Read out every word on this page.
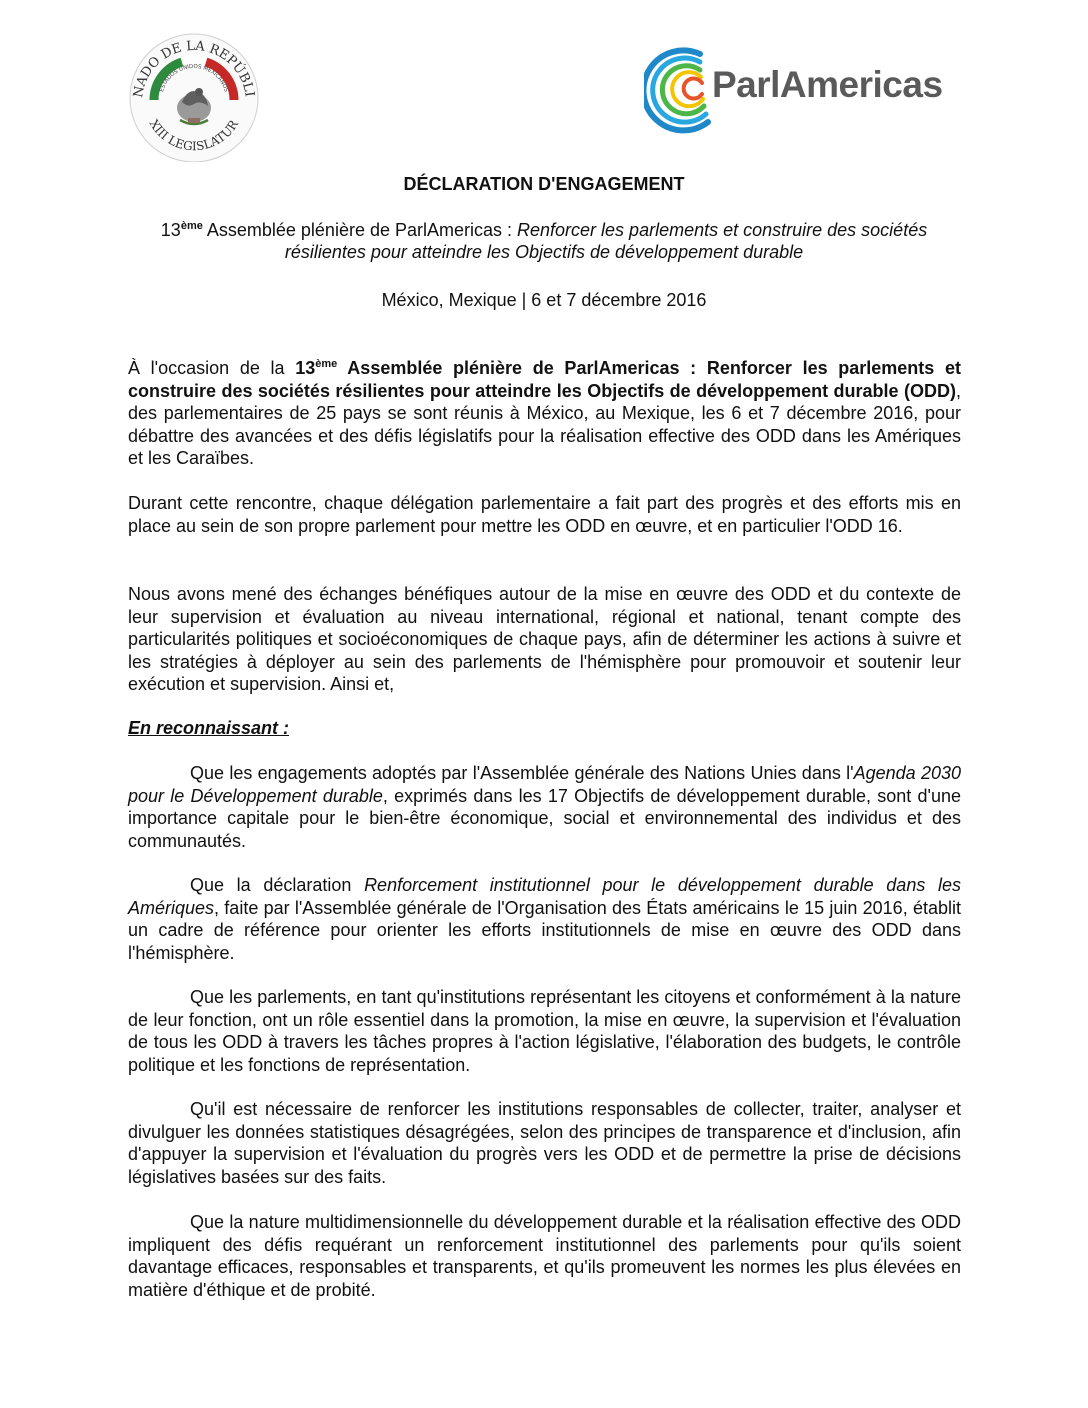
NADO DE LA REPÚBLI
XIII LEGISLATUR
ESTADOS UNIDOS MEXICANOS	ParlAmericas
DÉCLARATION D'ENGAGEMENT
13ème Assemblée plénière de ParlAmericas : Renforcer les parlements et construire des sociétés résilientes pour atteindre les Objectifs de développement durable
México, Mexique | 6 et 7 décembre 2016

À l'occasion de la 13ème Assemblée plénière de ParlAmericas : Renforcer les parlements et construire des sociétés résilientes pour atteindre les Objectifs de développement durable (ODD), des parlementaires de 25 pays se sont réunis à México, au Mexique, les 6 et 7 décembre 2016, pour débattre des avancées et des défis législatifs pour la réalisation effective des ODD dans les Amériques et les Caraïbes.

Durant cette rencontre, chaque délégation parlementaire a fait part des progrès et des efforts mis en place au sein de son propre parlement pour mettre les ODD en œuvre, et en particulier l'ODD 16.

Nous avons mené des échanges bénéfiques autour de la mise en œuvre des ODD et du contexte de leur supervision et évaluation au niveau international, régional et national, tenant compte des particularités politiques et socioéconomiques de chaque pays, afin de déterminer les actions à suivre et les stratégies à déployer au sein des parlements de l'hémisphère pour promouvoir et soutenir leur exécution et supervision. Ainsi et,

En reconnaissant :

Que les engagements adoptés par l'Assemblée générale des Nations Unies dans l'Agenda 2030 pour le Développement durable, exprimés dans les 17 Objectifs de développement durable, sont d'une importance capitale pour le bien-être économique, social et environnemental des individus et des communautés.

Que la déclaration Renforcement institutionnel pour le développement durable dans les Amériques, faite par l'Assemblée générale de l'Organisation des États américains le 15 juin 2016, établit un cadre de référence pour orienter les efforts institutionnels de mise en œuvre des ODD dans l'hémisphère.

Que les parlements, en tant qu'institutions représentant les citoyens et conformément à la nature de leur fonction, ont un rôle essentiel dans la promotion, la mise en œuvre, la supervision et l'évaluation de tous les ODD à travers les tâches propres à l'action législative, l'élaboration des budgets, le contrôle politique et les fonctions de représentation.

Qu'il est nécessaire de renforcer les institutions responsables de collecter, traiter, analyser et divulguer les données statistiques désagrégées, selon des principes de transparence et d'inclusion, afin d'appuyer la supervision et l'évaluation du progrès vers les ODD et de permettre la prise de décisions législatives basées sur des faits.

Que la nature multidimensionnelle du développement durable et la réalisation effective des ODD impliquent des défis requérant un renforcement institutionnel des parlements pour qu'ils soient davantage efficaces, responsables et transparents, et qu'ils promeuvent les normes les plus élevées en matière d'éthique et de probité.
